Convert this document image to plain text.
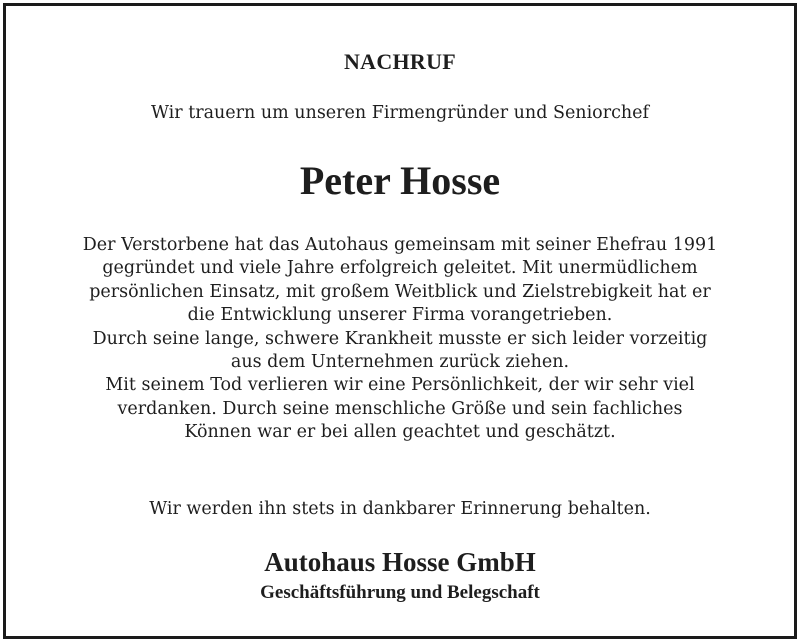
NACHRUF
Wir trauern um unseren Firmengründer und Seniorchef
Peter Hosse
Der Verstorbene hat das Autohaus gemeinsam mit seiner Ehefrau 1991
gegründet und viele Jahre erfolgreich geleitet. Mit unermüdlichem
persönlichen Einsatz, mit großem Weitblick und Zielstrebigkeit hat er
die Entwicklung unserer Firma vorangetrieben.
Durch seine lange, schwere Krankheit musste er sich leider vorzeitig
aus dem Unternehmen zurück ziehen.
Mit seinem Tod verlieren wir eine Persönlichkeit, der wir sehr viel
verdanken. Durch seine menschliche Größe und sein fachliches
Können war er bei allen geachtet und geschätzt.
Wir werden ihn stets in dankbarer Erinnerung behalten.
Autohaus Hosse GmbH
Geschäftsführung und Belegschaft
